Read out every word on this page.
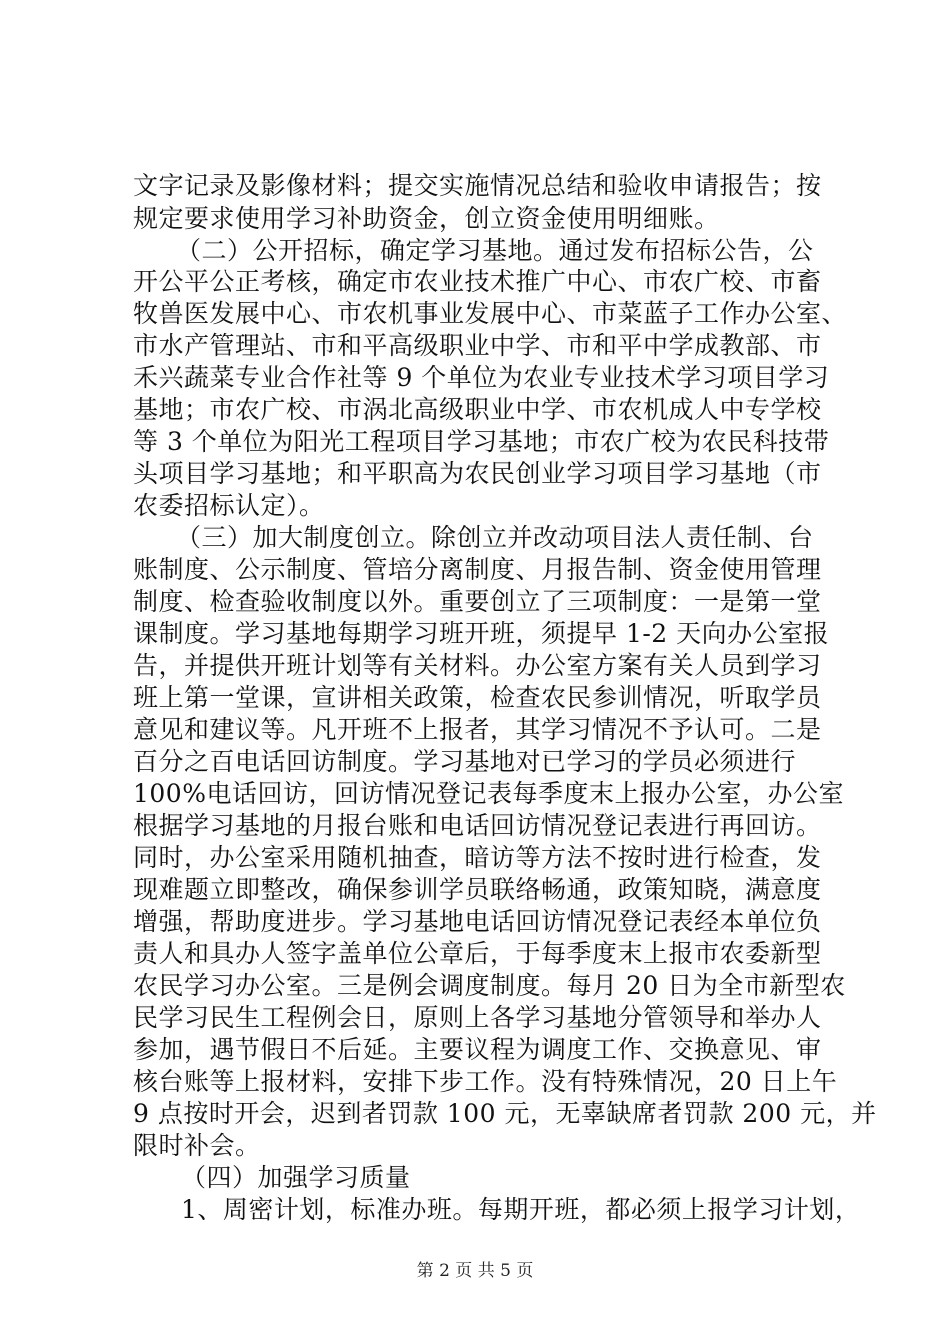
文字记录及影像材料；提交实施情况总结和验收申请报告；按
规定要求使用学习补助资金，创立资金使用明细账。
（二）公开招标，确定学习基地。通过发布招标公告，公
开公平公正考核，确定市农业技术推广中心、市农广校、市畜
牧兽医发展中心、市农机事业发展中心、市菜蓝子工作办公室、
市水产管理站、市和平高级职业中学、市和平中学成教部、市
禾兴蔬菜专业合作社等 9 个单位为农业专业技术学习项目学习
基地；市农广校、市涡北高级职业中学、市农机成人中专学校
等 3 个单位为阳光工程项目学习基地；市农广校为农民科技带
头项目学习基地；和平职高为农民创业学习项目学习基地（市
农委招标认定）。
（三）加大制度创立。除创立并改动项目法人责任制、台
账制度、公示制度、管培分离制度、月报告制、资金使用管理
制度、检查验收制度以外。重要创立了三项制度：一是第一堂
课制度。学习基地每期学习班开班，须提早 1-2 天向办公室报
告，并提供开班计划等有关材料。办公室方案有关人员到学习
班上第一堂课，宣讲相关政策，检查农民参训情况，听取学员
意见和建议等。凡开班不上报者，其学习情况不予认可。二是
百分之百电话回访制度。学习基地对已学习的学员必须进行
100%电话回访，回访情况登记表每季度末上报办公室，办公室
根据学习基地的月报台账和电话回访情况登记表进行再回访。
同时，办公室采用随机抽查，暗访等方法不按时进行检查，发
现难题立即整改，确保参训学员联络畅通，政策知晓，满意度
增强，帮助度进步。学习基地电话回访情况登记表经本单位负
责人和具办人签字盖单位公章后，于每季度末上报市农委新型
农民学习办公室。三是例会调度制度。每月 20 日为全市新型农
民学习民生工程例会日，原则上各学习基地分管领导和举办人
参加，遇节假日不后延。主要议程为调度工作、交换意见、审
核台账等上报材料，安排下步工作。没有特殊情况，20 日上午
9 点按时开会，迟到者罚款 100 元，无辜缺席者罚款 200 元，并
限时补会。
（四）加强学习质量
1、周密计划，标准办班。每期开班，都必须上报学习计划，
第 2 页 共 5 页
